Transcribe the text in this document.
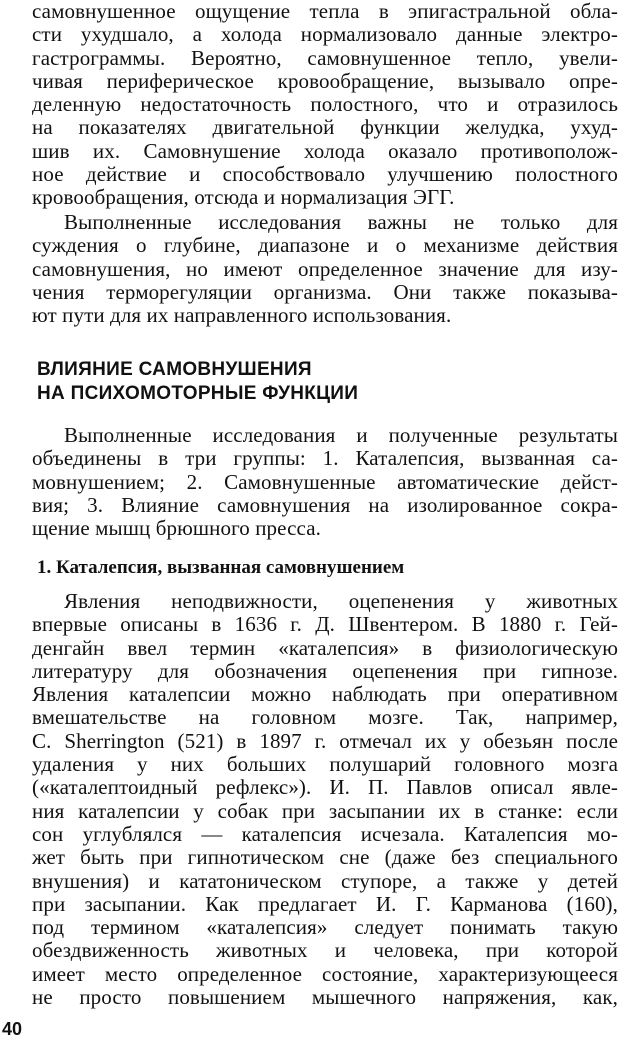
самовнушенное ощущение тепла в эпигастральной обла-
сти ухудшало, а холода нормализовало данные электро-
гастрограммы. Вероятно, самовнушенное тепло, увели-
чивая периферическое кровообращение, вызывало опре-
деленную недостаточность полостного, что и отразилось
на показателях двигательной функции желудка, ухуд-
шив их. Самовнушение холода оказало противополож-
ное действие и способствовало улучшению полостного
кровообращения, отсюда и нормализация ЭГГ.
Выполненные исследования важны не только для
суждения о глубине, диапазоне и о механизме действия
самовнушения, но имеют определенное значение для изу-
чения терморегуляции организма. Они также показыва-
ют пути для их направленного использования.
ВЛИЯНИЕ САМОВНУШЕНИЯ
НА ПСИХОМОТОРНЫЕ ФУНКЦИИ
Выполненные исследования и полученные результаты
объединены в три группы: 1. Каталепсия, вызванная са-
мовнушением; 2. Самовнушенные автоматические дейст-
вия; 3. Влияние самовнушения на изолированное сокра-
щение мышц брюшного пресса.
1. Каталепсия, вызванная самовнушением
Явления неподвижности, оцепенения у животных
впервые описаны в 1636 г. Д. Швентером. В 1880 г. Гей-
денгайн ввел термин «каталепсия» в физиологическую
литературу для обозначения оцепенения при гипнозе.
Явления каталепсии можно наблюдать при оперативном
вмешательстве на головном мозге. Так, например,
C. Sherrington (521) в 1897 г. отмечал их у обезьян после
удаления у них больших полушарий головного мозга
(«каталептоидный рефлекс»). И. П. Павлов описал явле-
ния каталепсии у собак при засыпании их в станке: если
сон углублялся — каталепсия исчезала. Каталепсия мо-
жет быть при гипнотическом сне (даже без специального
внушения) и кататоническом ступоре, а также у детей
при засыпании. Как предлагает И. Г. Карманова (160),
под термином «каталепсия» следует понимать такую
обездвиженность животных и человека, при которой
имеет место определенное состояние, характеризующееся
не просто повышением мышечного напряжения, как,
40
